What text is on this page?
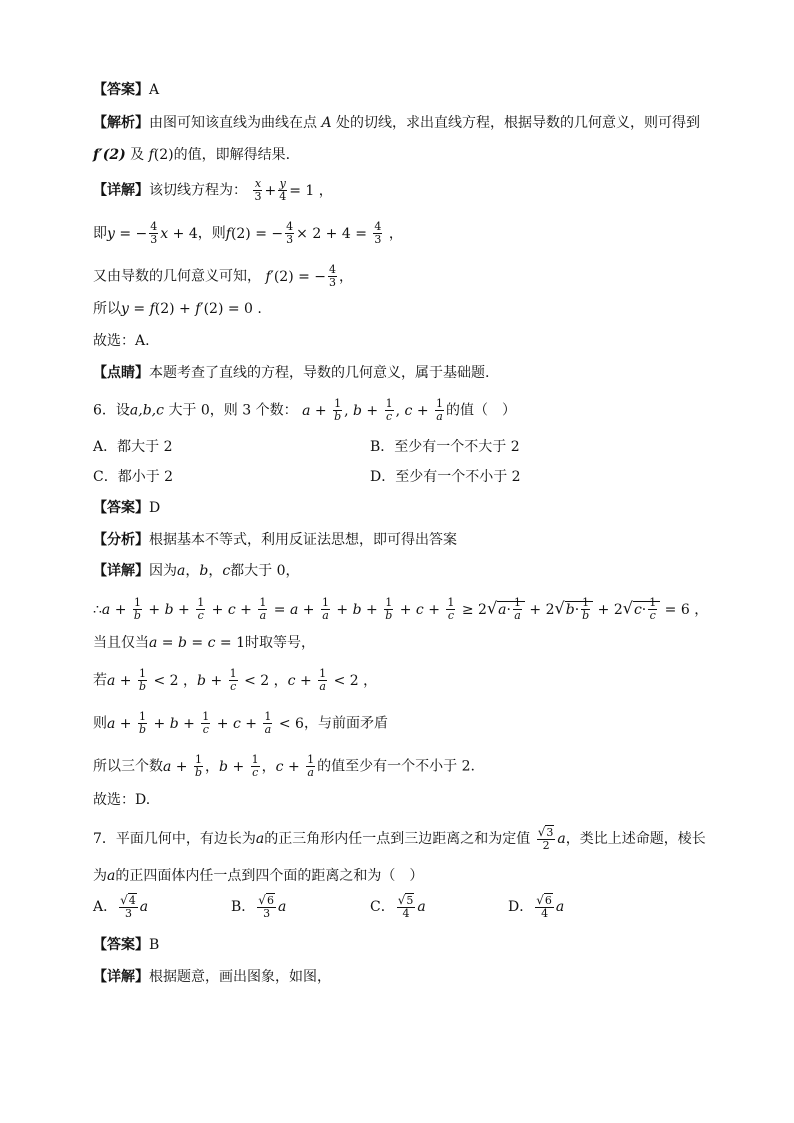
【答案】A
【解析】由图可知该直线为曲线在点 A 处的切线，求出直线方程，根据导数的几何意义，则可得到
f′(2) 及 f(2)的值，即解得结果.
【详解】该切线方程为： $\frac{x}{3} + \frac{y}{4} = 1$ ，
即y = − $\frac{4}{3}$ x + 4，则f(2) = − $\frac{4}{3} \times 2 + 4 = \frac{4}{3}$ ，
又由导数的几何意义可知， f′(2) = − $\frac{4}{3}$ ，
所以y = f(2) + f′(2) = 0 .
故选：A.
【点睛】本题考查了直线的方程，导数的几何意义，属于基础题.
6．设a,b,c 大于 0，则 3 个数： $a + \frac{1}{b}$ , $b + \frac{1}{c}$ , $c + \frac{1}{a}$ 的值（　）
A．都大于 2	B．至少有一个不大于 2
C．都小于 2	D．至少有一个不小于 2
【答案】D
【分析】根据基本不等式，利用反证法思想，即可得出答案
【详解】因为a，b，c都大于 0，
∴a + $\frac{1}{b} + b + \frac{1}{c} + c + \frac{1}{a} = a + \frac{1}{a} + b + \frac{1}{b} + c + \frac{1}{c} \ge 2√a\cdot \frac{1}{a} + 2√b\cdot \frac{1}{b} + 2√c\cdot \frac{1}{c} = 6$ ，
当且仅当a = b = c = 1时取等号，
若$a + \frac{1}{b} < 2$ ，$b + \frac{1}{c} < 2$ ，$c + \frac{1}{a} < 2$ ，
则$a + \frac{1}{b} + b + \frac{1}{c} + c + \frac{1}{a} < 6$，与前面矛盾
所以三个数$a + \frac{1}{b}$ ，$b + \frac{1}{c}$ ，$c + \frac{1}{a}$ 的值至少有一个不小于 2.
故选：D.
7．平面几何中，有边长为a的正三角形内任一点到三边距离之和为定值 $\frac{√3}{2}$ a，类比上述命题，棱长
为a的正四面体内任一点到四个面的距离之和为（　）
A． $\frac{√4}{3}$ a	B． $\frac{√6}{3}$ a	C． $\frac{√5}{4}$ a	D． $\frac{√6}{4}$ a
【答案】B
【详解】根据题意，画出图象，如图，
